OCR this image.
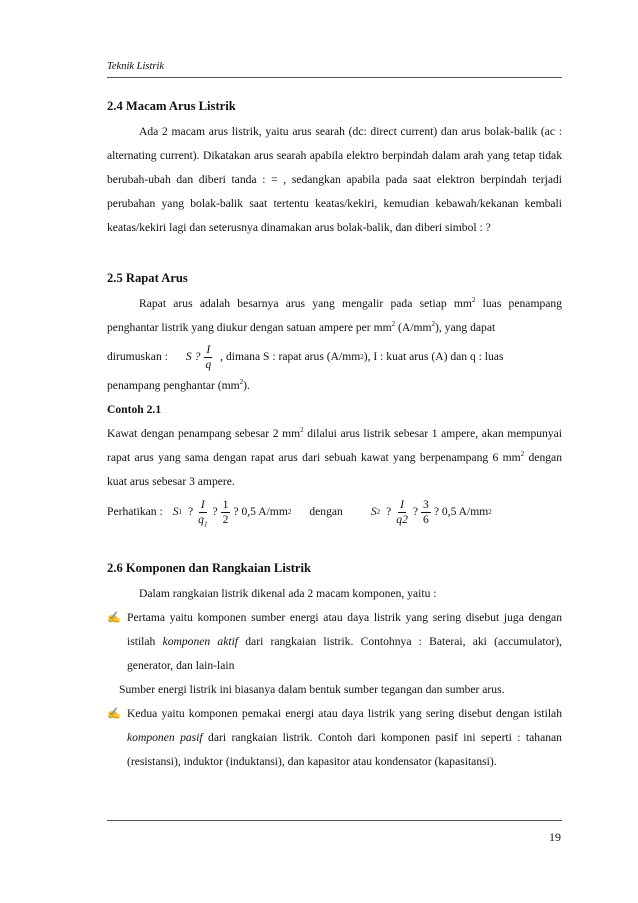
Teknik Listrik
2.4 Macam Arus Listrik

Ada 2 macam arus listrik, yaitu arus searah (dc: direct current) dan arus bolak-balik (ac : alternating current). Dikatakan arus searah apabila elektro berpindah dalam arah yang tetap tidak berubah-ubah dan diberi tanda : = , sedangkan apabila pada saat elektron berpindah terjadi perubahan yang bolak-balik saat tertentu keatas/kekiri, kemudian kebawah/kekanan kembali keatas/kekiri lagi dan seterusnya dinamakan arus bolak-balik, dan diberi simbol : ?

2.5 Rapat Arus

Rapat arus adalah besarnya arus yang mengalir pada setiap $mm^2$ luas penampang penghantar listrik yang diukur dengan satuan ampere per $mm^2$ $(A/mm^2)$, yang dapat

dirumuskan : S ? $\frac{I}{q}$ , dimana S : rapat arus (A/mm 2 ), I : kuat arus (A) dan q : luas

penampang penghantar $(mm^2)$.

Contoh 2.1

Kawat dengan penampang sebesar 2 $mm^2$ dilalui arus listrik sebesar 1 ampere, akan mempunyai rapat arus yang sama dengan rapat arus dari sebuah kawat yang berpenampang 6 $mm^2$ dengan kuat arus sebesar 3 ampere.

Perhatikan : S 1 ? $\frac{I}{q_1}$ ? $\frac{1}{2}$ ? 0,5 A/mm 2 dengan S 2 ? $\frac{I}{q2}$ ? $\frac{3}{6}$ ? 0,5 A/mm 2
2.6 Komponen dan Rangkaian Listrik

Dalam rangkaian listrik dikenal ada 2 macam komponen, yaitu :

✍ Pertama yaitu komponen sumber energi atau daya listrik yang sering disebut juga dengan istilah komponen aktif dari rangkaian listrik. Contohnya : Baterai, aki (accumulator), generator, dan lain-lain

Sumber energi listrik ini biasanya dalam bentuk sumber tegangan dan sumber arus.

✍ Kedua yaitu komponen pemakai energi atau daya listrik yang sering disebut dengan istilah komponen pasif dari rangkaian listrik. Contoh dari komponen pasif ini seperti : tahanan (resistansi), induktor (induktansi), dan kapasitor atau kondensator (kapasitansi).
19
